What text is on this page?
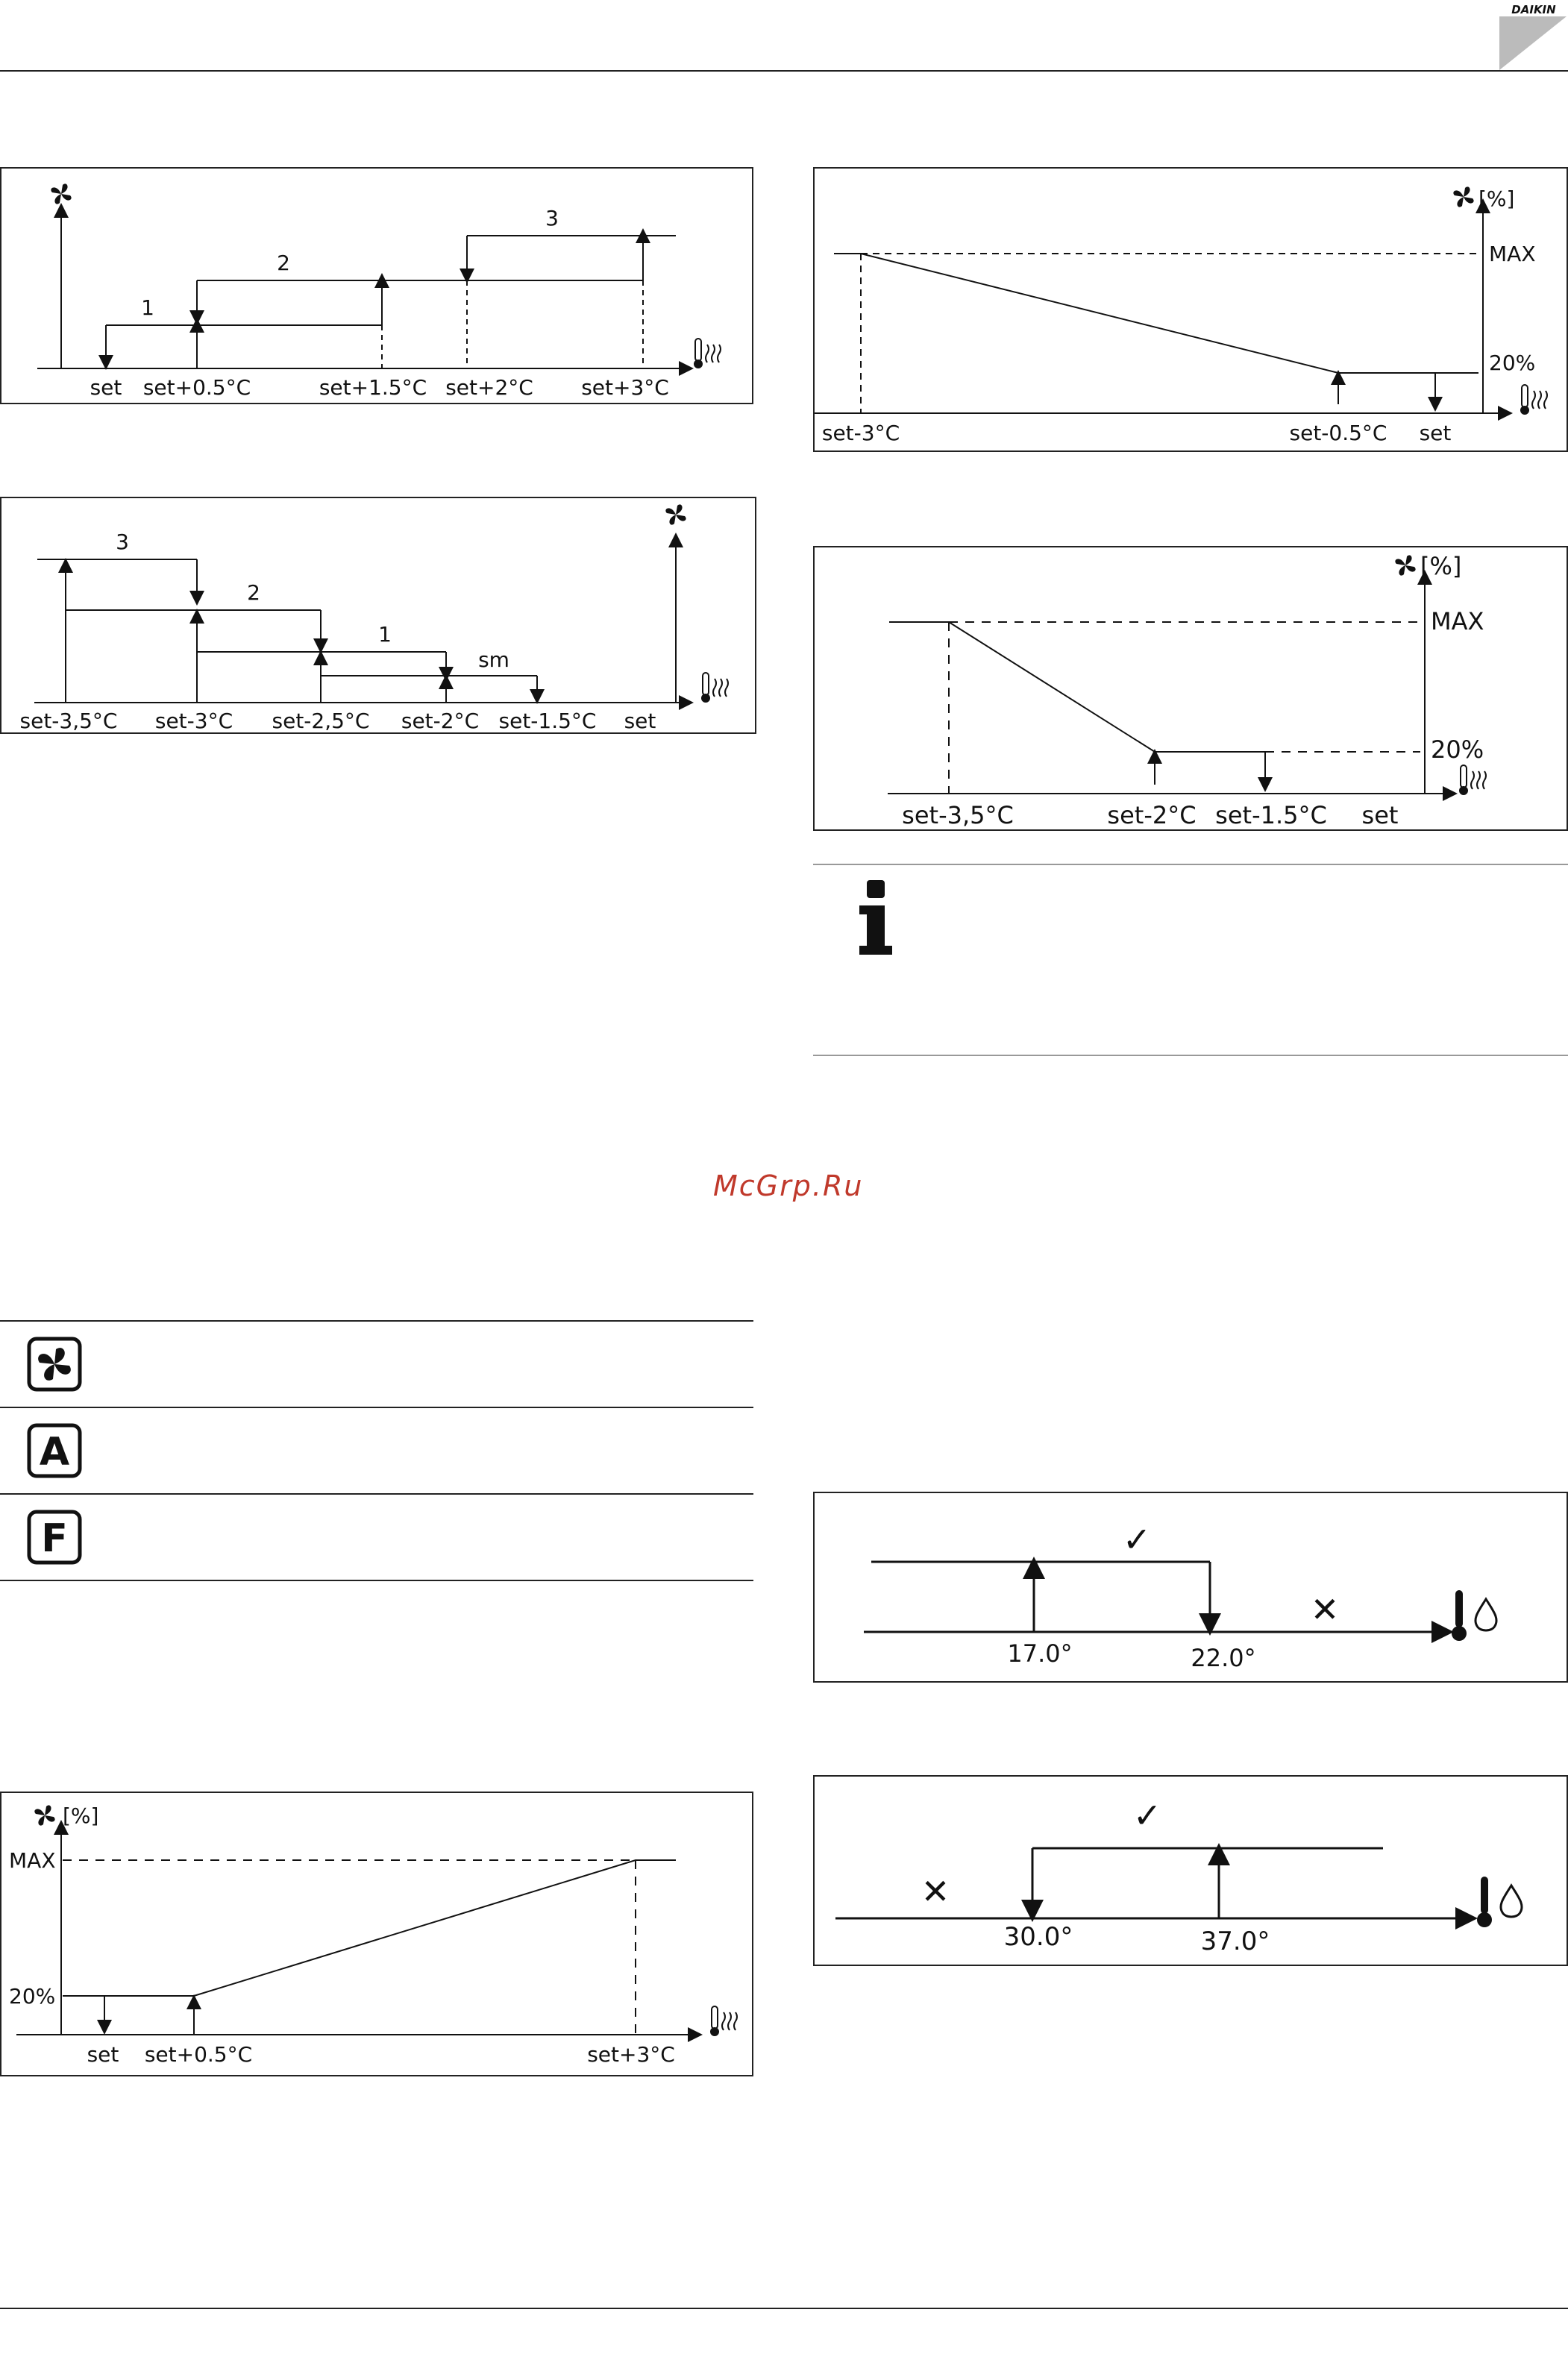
DAIKIN
1
2
3
set set+0.5°C	set+1.5°C set+2°C set+3°C
3
2
1
sm
set-3,5°C set-3°C set-2,5°C set-2°C set-1.5°C set
[%]
MAX
20%
set-3°C	set-0.5°C set
[%]
MAX
20%
set-3,5°C	set-2°C set-1.5°C set
McGrp.Ru
A
F	✓
✕
17.0°	22.0°
✓
✕
30.0°	37.0°
[%]
MAX
20%
set set+0.5°C	set+3°C
